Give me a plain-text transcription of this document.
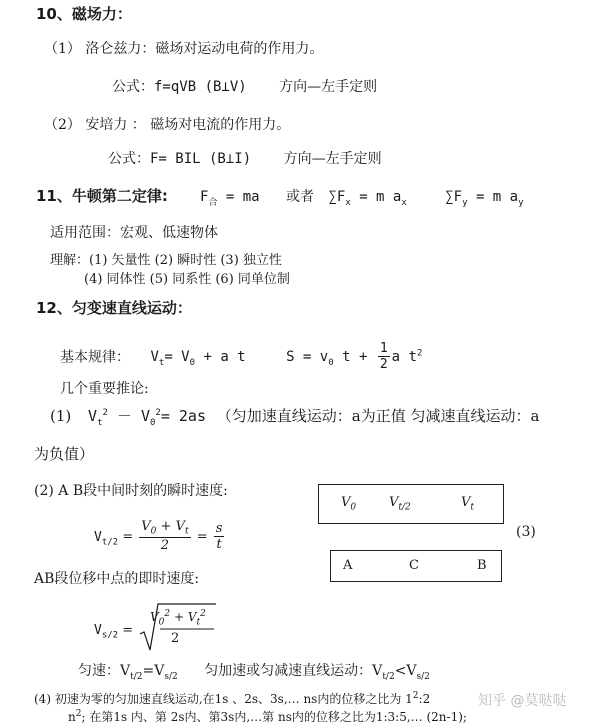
10、磁场力：
（1） 洛仑兹力：磁场对运动电荷的作用力。
公式：f=qVB (B⊥V) 方向—左手定则
（2） 安培力 ： 磁场对电流的作用力。
公式：F= BIL (B⊥I) 方向—左手定则
11、牛顿第二定律: $F_合$ = ma 或者 $\sum F_x = m$ $a_x$	$\sum F_y = m$ $a_y$
适用范围：宏观、低速物体
理解：(1) 矢量性 (2) 瞬时性 (3) 独立性
(4) 同体性 (5) 同系性 (6) 同单位制
12、匀变速直线运动：
基本规律： $V_t= V_0 + a$ t	$S = v_0$ $t + \frac{1}{2}$ a $t^2$
几个重要推论:
(1) $V_t^2 - V_0^2= 2as$ （匀加速直线运动：a为正值 匀减速直线运动：a
为负值）
(2) A B段中间时刻的瞬时速度:
$V_0$	$V_{t/2}$	$V_t$
$V_{t/2} = \frac{V_0 + V_t}{2} = \frac{s}{t}$	(3)
A	C	B
AB段位移中点的即时速度:
$V_{s/2}$ =
$V_0^2 + V_t^2$
2
匀速：$V_{t/2}=V_{s/2}$ 匀加速或匀减速直线运动：$V_{t/2}<V_{s/2}$
(4) 初速为零的匀加速直线运动,在1s 、2s、3s,… ns内的位移之比为 $1^2:2$
$n^2$; 在第1s 内、第 2s内、第3s内,…第 ns内的位移之比为1:3:5,… (2n-1);
知乎 @莫哒哒
